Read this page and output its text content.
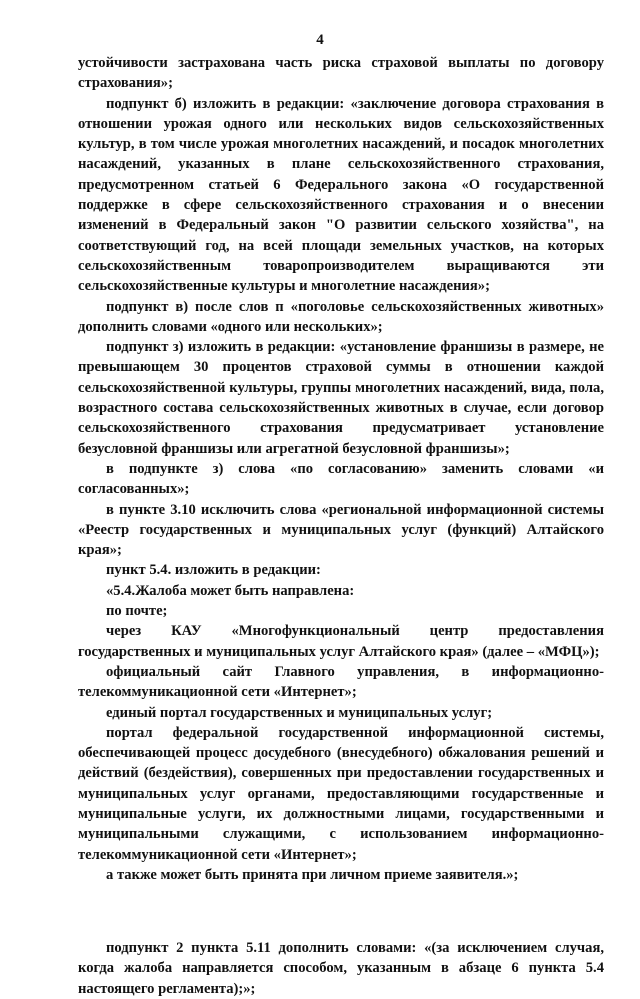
4

устойчивости застрахована часть риска страховой выплаты по договору страхования»;

подпункт б) изложить в редакции: «заключение договора страхования в отношении урожая одного или нескольких видов сельскохозяйственных культур, в том числе урожая многолетних насаждений, и посадок многолетних насаждений, указанных в плане сельскохозяйственного страхования, предусмотренном статьей 6 Федерального закона «О государственной поддержке в сфере сельскохозяйственного страхования и о внесении изменений в Федеральный закон "О развитии сельского хозяйства", на соответствующий год, на всей площади земельных участков, на которых сельскохозяйственным товаропроизводителем выращиваются эти сельскохозяйственные культуры и многолетние насаждения»;

подпункт в) после слов п «поголовье сельскохозяйственных животных» дополнить словами «одного или нескольких»;

подпункт з) изложить в редакции: «установление франшизы в размере, не превышающем 30 процентов страховой суммы в отношении каждой сельскохозяйственной культуры, группы многолетних насаждений, вида, пола, возрастного состава сельскохозяйственных животных в случае, если договор сельскохозяйственного страхования предусматривает установление безусловной франшизы или агрегатной безусловной франшизы»;

в подпункте з) слова «по согласованию» заменить словами «и согласованных»;

в пункте 3.10 исключить слова «региональной информационной системы «Реестр государственных и муниципальных услуг (функций) Алтайского края»;

пункт 5.4. изложить в редакции:

«5.4.Жалоба может быть направлена:

по почте;

через КАУ «Многофункциональный центр предоставления государственных и муниципальных услуг Алтайского края» (далее – «МФЦ»);

официальный сайт Главного управления, в информационно-телекоммуникационной сети «Интернет»;

единый портал государственных и муниципальных услуг;

портал федеральной государственной информационной системы, обеспечивающей процесс досудебного (внесудебного) обжалования решений и действий (бездействия), совершенных при предоставлении государственных и муниципальных услуг органами, предоставляющими государственные и муниципальные услуги, их должностными лицами, государственными и муниципальными служащими, с использованием информационно-телекоммуникационной сети «Интернет»;

а также может быть принята при личном приеме заявителя.»;

подпункт 2 пункта 5.11 дополнить словами: «(за исключением случая, когда жалоба направляется способом, указанным в абзаце 6 пункта 5.4 настоящего регламента);»;
